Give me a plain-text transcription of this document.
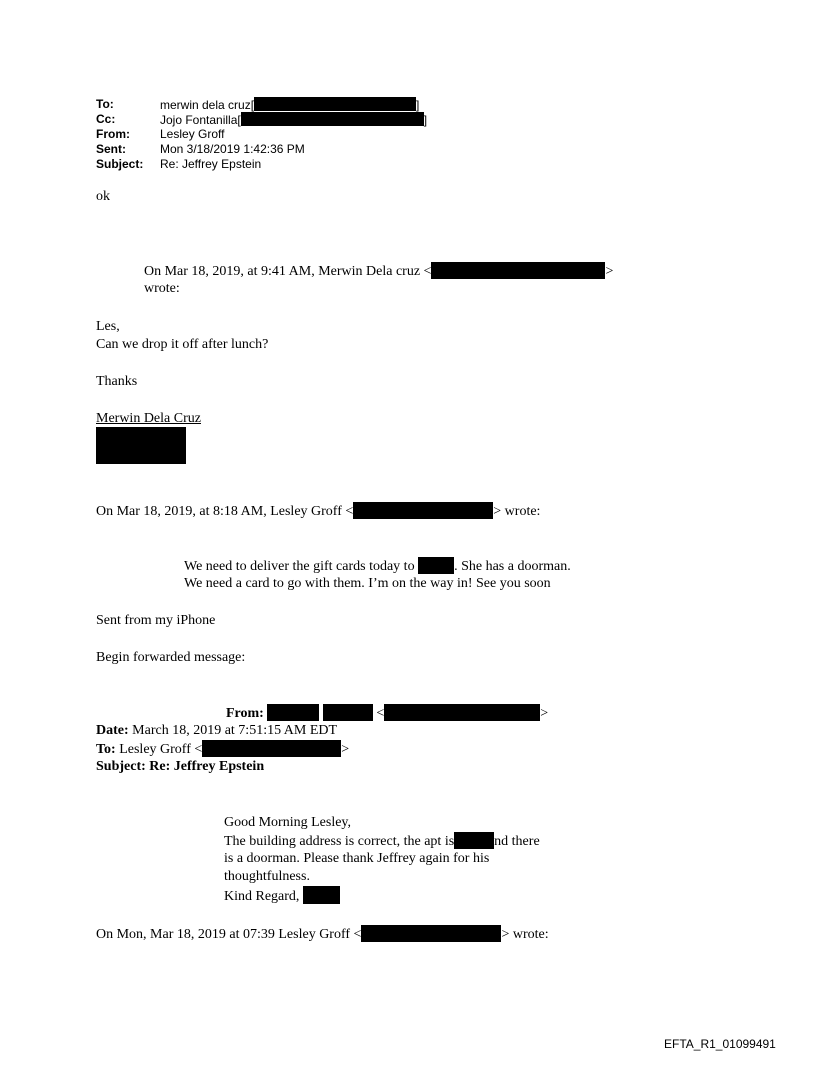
To:	merwin dela cruz[	]
Cc:	Jojo Fontanilla[	]
From:	Lesley Groff
Sent:	Mon 3/18/2019 1:42:36 PM
Subject: Re: Jeffrey Epstein
ok
On Mar 18, 2019, at 9:41 AM, Merwin Dela cruz <	>
wrote:
Les,
Can we drop it off after lunch?
Thanks
Merwin Dela Cruz
On Mar 18, 2019, at 8:18 AM, Lesley Groff <	> wrote:
We need to deliver the gift cards today to	. She has a doorman.
We need a card to go with them. I’m on the way in! See you soon
Sent from my iPhone
Begin forwarded message:
From:	<	>
Date: March 18, 2019 at 7:51:15 AM EDT
To: Lesley Groff <	>
Subject: Re: Jeffrey Epstein
Good Morning Lesley,
The building address is correct, the apt is	nd there
is a doorman. Please thank Jeffrey again for his
thoughtfulness.
Kind Regard,
On Mon, Mar 18, 2019 at 07:39 Lesley Groff <	> wrote:
EFTA_R1_01099491
